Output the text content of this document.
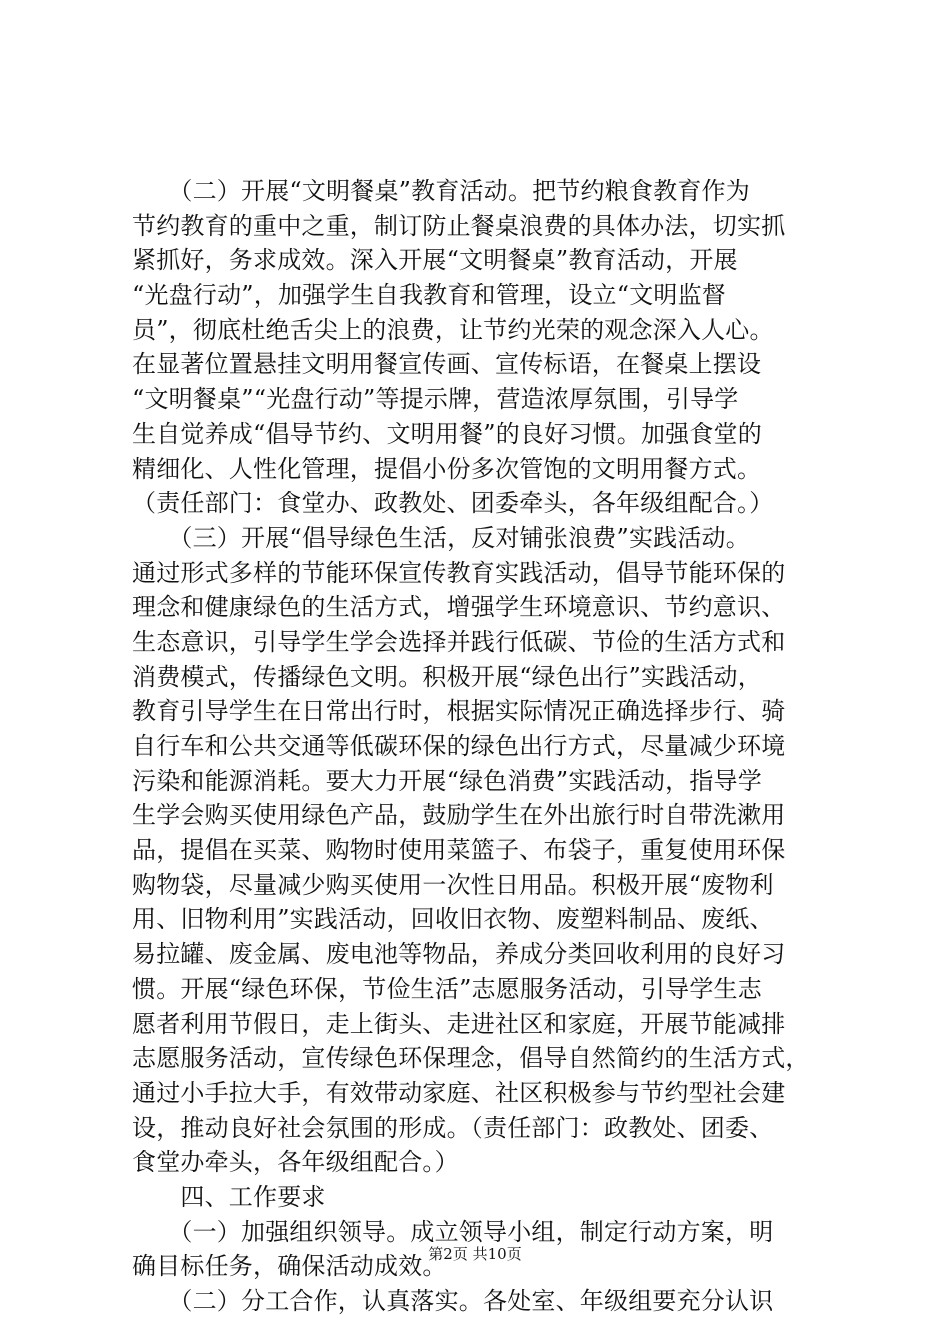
　　（二）开展“文明餐桌”教育活动。把节约粮食教育作为
节约教育的重中之重，制订防止餐桌浪费的具体办法，切实抓
紧抓好，务求成效。深入开展“文明餐桌”教育活动，开展
“光盘行动”，加强学生自我教育和管理，设立“文明监督
员”，彻底杜绝舌尖上的浪费，让节约光荣的观念深入人心。
在显著位置悬挂文明用餐宣传画、宣传标语，在餐桌上摆设
“文明餐桌”“光盘行动”等提示牌，营造浓厚氛围，引导学
生自觉养成“倡导节约、文明用餐”的良好习惯。加强食堂的
精细化、人性化管理，提倡小份多次管饱的文明用餐方式。
（责任部门：食堂办、政教处、团委牵头，各年级组配合。）
　　（三）开展“倡导绿色生活，反对铺张浪费”实践活动。
通过形式多样的节能环保宣传教育实践活动，倡导节能环保的
理念和健康绿色的生活方式，增强学生环境意识、节约意识、
生态意识，引导学生学会选择并践行低碳、节俭的生活方式和
消费模式，传播绿色文明。积极开展“绿色出行”实践活动，
教育引导学生在日常出行时，根据实际情况正确选择步行、骑
自行车和公共交通等低碳环保的绿色出行方式，尽量减少环境
污染和能源消耗。要大力开展“绿色消费”实践活动，指导学
生学会购买使用绿色产品，鼓励学生在外出旅行时自带洗漱用
品，提倡在买菜、购物时使用菜篮子、布袋子，重复使用环保
购物袋，尽量减少购买使用一次性日用品。积极开展“废物利
用、旧物利用”实践活动，回收旧衣物、废塑料制品、废纸、
易拉罐、废金属、废电池等物品，养成分类回收利用的良好习
惯。开展“绿色环保，节俭生活”志愿服务活动，引导学生志
愿者利用节假日，走上街头、走进社区和家庭，开展节能减排
志愿服务活动，宣传绿色环保理念，倡导自然简约的生活方式，
通过小手拉大手，有效带动家庭、社区积极参与节约型社会建
设，推动良好社会氛围的形成。（责任部门：政教处、团委、
食堂办牵头，各年级组配合。）
　　四、工作要求
　　（一）加强组织领导。成立领导小组，制定行动方案，明
确目标任务，确保活动成效。
　　（二）分工合作，认真落实。各处室、年级组要充分认识
第2页 共10页
